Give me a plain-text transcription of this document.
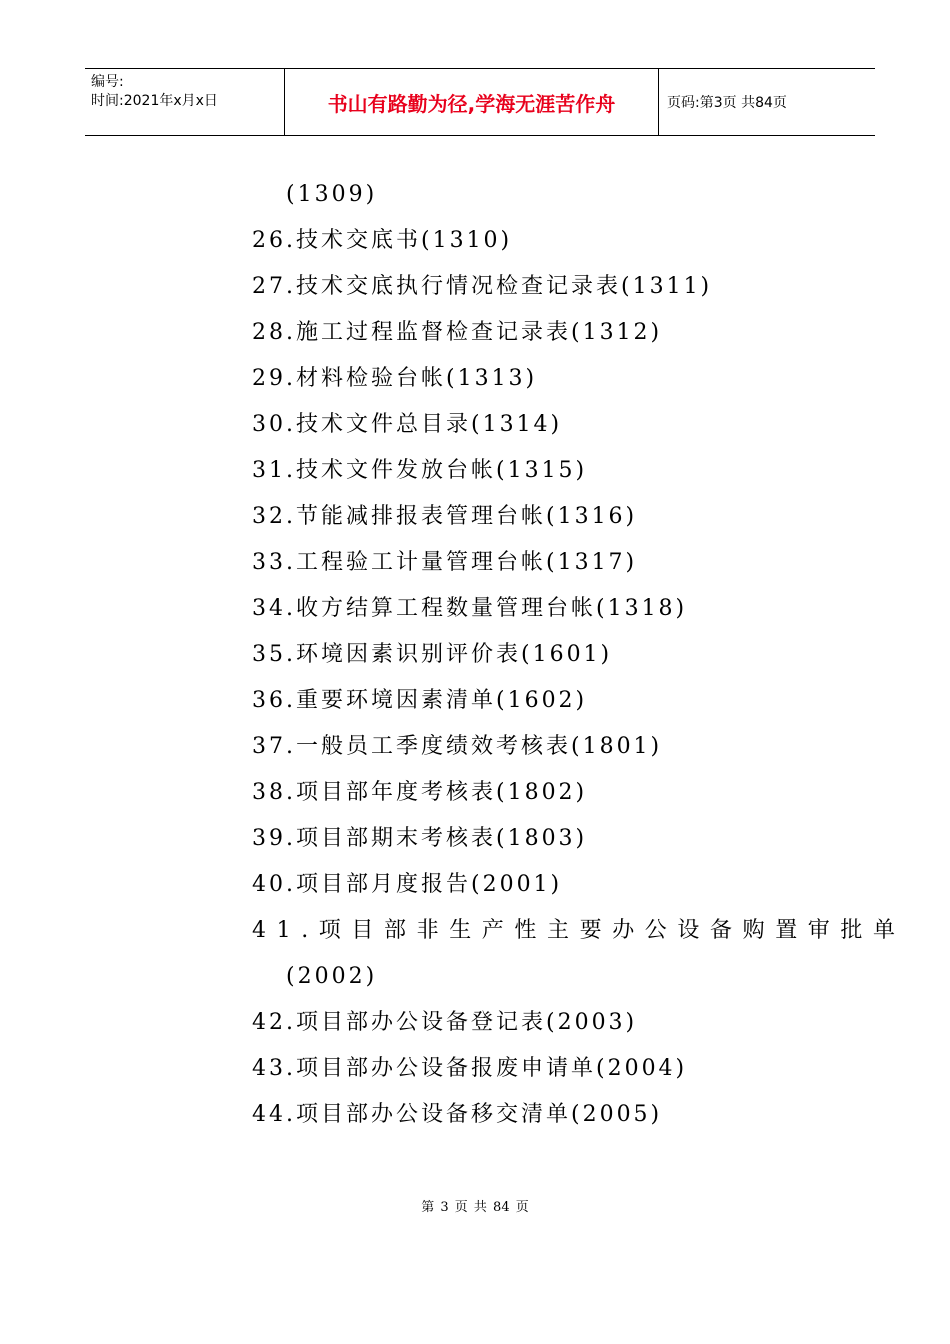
编号:
时间:2021年x月x日	书山有路勤为径,学海无涯苦作舟	页码:第3页 共84页
(1309)
26.技术交底书(1310)
27.技术交底执行情况检查记录表(1311)
28.施工过程监督检查记录表(1312)
29.材料检验台帐(1313)
30.技术文件总目录(1314)
31.技术文件发放台帐(1315)
32.节能减排报表管理台帐(1316)
33.工程验工计量管理台帐(1317)
34.收方结算工程数量管理台帐(1318)
35.环境因素识别评价表(1601)
36.重要环境因素清单(1602)
37.一般员工季度绩效考核表(1801)
38.项目部年度考核表(1802)
39.项目部期末考核表(1803)
40.项目部月度报告(2001)
41.项目部非生产性主要办公设备购置审批单
(2002)
42.项目部办公设备登记表(2003)
43.项目部办公设备报废申请单(2004)
44.项目部办公设备移交清单(2005)
第 3 页 共 84 页
